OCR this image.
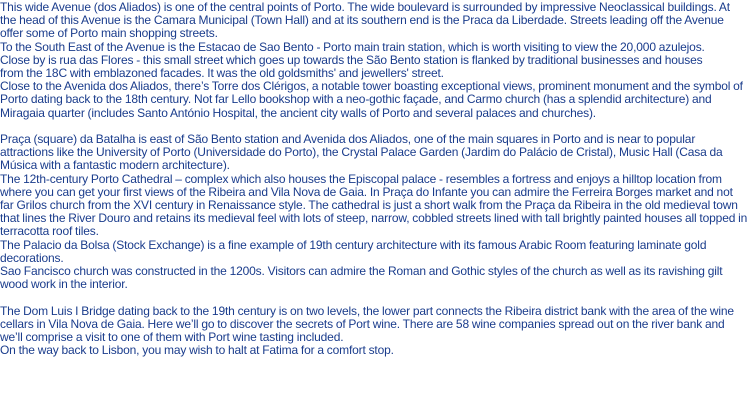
This wide Avenue (dos Aliados) is one of the central points of Porto. The wide boulevard is surrounded by impressive Neoclassical buildings. At the head of this Avenue is the Camara Municipal (Town Hall) and at its southern end is the Praca da Liberdade. Streets leading off the Avenue offer some of Porto main shopping streets.

To the South East of the Avenue is the Estacao de Sao Bento - Porto main train station, which is worth visiting to view the 20,000 azulejos.

Close by is rua das Flores - this small street which goes up towards the São Bento station is flanked by traditional businesses and houses

from the 18C with emblazoned facades. It was the old goldsmiths' and jewellers' street.

Close to the Avenida dos Aliados, there’s Torre dos Clérigos, a notable tower boasting exceptional views, prominent monument and the symbol of Porto dating back to the 18th century. Not far Lello bookshop with a neo-gothic façade, and Carmo church (has a splendid architecture) and Miragaia quarter (includes Santo António Hospital, the ancient city walls of Porto and several palaces and churches).

Praça (square) da Batalha is east of São Bento station and Avenida dos Aliados, one of the main squares in Porto and is near to popular attractions like the University of Porto (Universidade do Porto), the Crystal Palace Garden (Jardim do Palácio de Cristal), Music Hall (Casa da Música with a fantastic modern architecture).

The 12th-century Porto Cathedral – complex which also houses the Episcopal palace - resembles a fortress and enjoys a hilltop location from where you can get your first views of the Ribeira and Vila Nova de Gaia. In Praça do Infante you can admire the Ferreira Borges market and not far Grilos church from the XVI century in Renaissance style. The cathedral is just a short walk from the Praça da Ribeira in the old medieval town that lines the River Douro and retains its medieval feel with lots of steep, narrow, cobbled streets lined with tall brightly painted houses all topped in terracotta roof tiles.

The Palacio da Bolsa (Stock Exchange) is a fine example of 19th century architecture with its famous Arabic Room featuring laminate gold decorations.

Sao Fancisco church was constructed in the 1200s. Visitors can admire the Roman and Gothic styles of the church as well as its ravishing gilt wood work in the interior.

The Dom Luis I Bridge dating back to the 19th century is on two levels, the lower part connects the Ribeira district bank with the area of the wine cellars in Vila Nova de Gaia. Here we’ll go to discover the secrets of Port wine. There are 58 wine companies spread out on the river bank and we’ll comprise a visit to one of them with Port wine tasting included.

On the way back to Lisbon, you may wish to halt at Fatima for a comfort stop.
